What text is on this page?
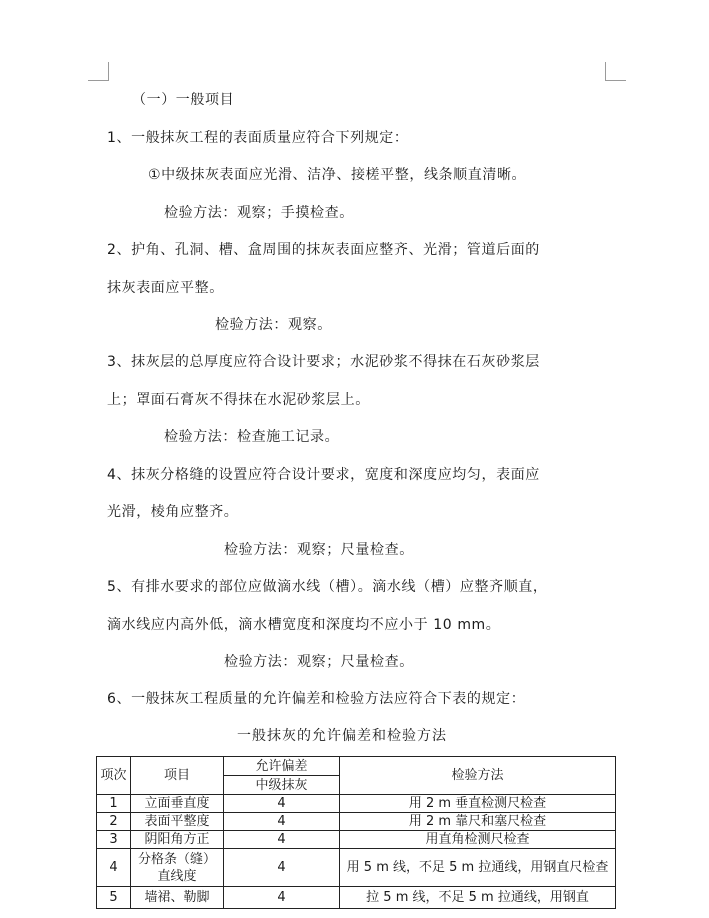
（一）一般项目
1、一般抹灰工程的表面质量应符合下列规定：
①中级抹灰表面应光滑、洁净、接槎平整，线条顺直清晰。
检验方法：观察；手摸检查。
2、护角、孔洞、槽、盒周围的抹灰表面应整齐、光滑；管道后面的
抹灰表面应平整。
检验方法：观察。
3、抹灰层的总厚度应符合设计要求；水泥砂浆不得抹在石灰砂浆层
上；罩面石膏灰不得抹在水泥砂浆层上。
检验方法：检查施工记录。
4、抹灰分格缝的设置应符合设计要求，宽度和深度应均匀，表面应
光滑，棱角应整齐。
检验方法：观察；尺量检查。
5、有排水要求的部位应做滴水线（槽）。滴水线（槽）应整齐顺直，
滴水线应内高外低，滴水槽宽度和深度均不应小于 10 mm。
检验方法：观察；尺量检查。
6、一般抹灰工程质量的允许偏差和检验方法应符合下表的规定：
一般抹灰的允许偏差和检验方法
项次	项目	允许偏差	检验方法
		中级抹灰	
1	立面垂直度	4	用 2 m 垂直检测尺检查
2	表面平整度	4	用 2 m 靠尺和塞尺检查
3	阴阳角方正	4	用直角检测尺检查
4	分格条（缝）直线度	4	用 5 m 线，不足 5 m 拉通线，用钢直尺检查
5	墙裙、勒脚	4	拉 5 m 线，不足 5 m 拉通线，用钢直
